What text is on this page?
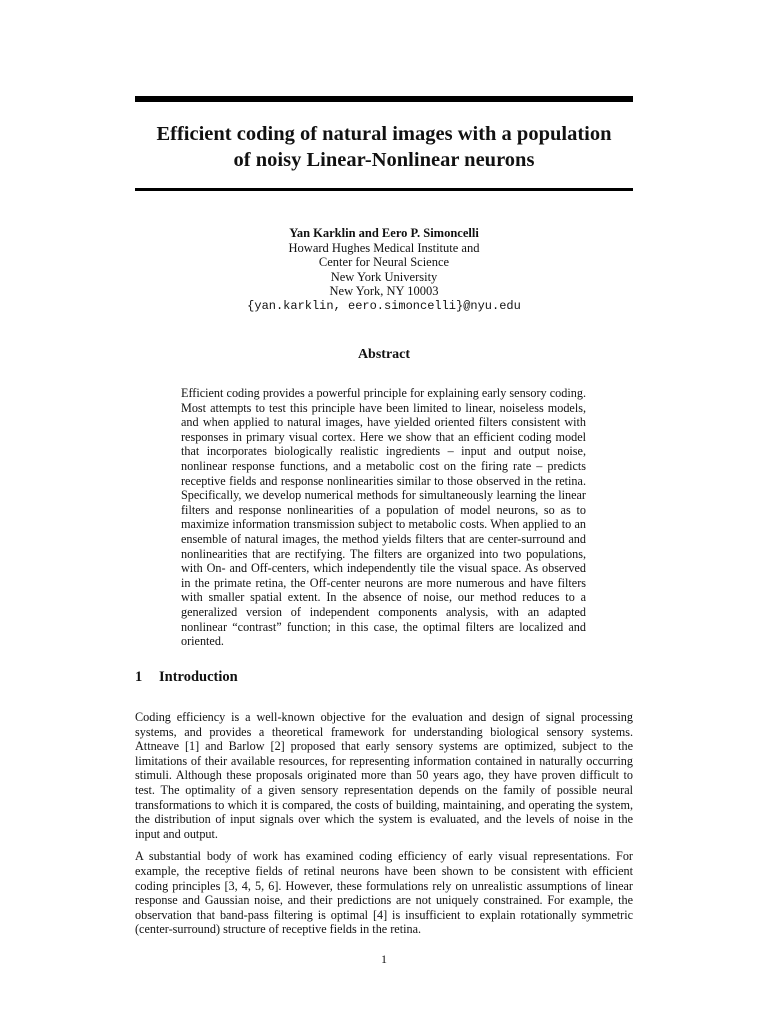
Efficient coding of natural images with a population
of noisy Linear-Nonlinear neurons
Yan Karklin and Eero P. Simoncelli
Howard Hughes Medical Institute and
Center for Neural Science
New York University
New York, NY 10003
{yan.karklin, eero.simoncelli}@nyu.edu
Abstract
Efficient coding provides a powerful principle for explaining early sensory coding. Most attempts to test this principle have been limited to linear, noiseless models, and when applied to natural images, have yielded oriented filters consistent with responses in primary visual cortex. Here we show that an efficient coding model that incorporates biologically realistic ingredients – input and output noise, nonlinear response functions, and a metabolic cost on the firing rate – predicts receptive fields and response nonlinearities similar to those observed in the retina. Specifically, we develop numerical methods for simultaneously learning the linear filters and response nonlinearities of a population of model neurons, so as to maximize information transmission subject to metabolic costs. When applied to an ensemble of natural images, the method yields filters that are center-surround and nonlinearities that are rectifying. The filters are organized into two populations, with On- and Off-centers, which independently tile the visual space. As observed in the primate retina, the Off-center neurons are more numerous and have filters with smaller spatial extent. In the absence of noise, our method reduces to a generalized version of independent components analysis, with an adapted nonlinear “contrast” function; in this case, the optimal filters are localized and oriented.
1 Introduction

Coding efficiency is a well-known objective for the evaluation and design of signal processing systems, and provides a theoretical framework for understanding biological sensory systems. Attneave [1] and Barlow [2] proposed that early sensory systems are optimized, subject to the limitations of their available resources, for representing information contained in naturally occurring stimuli. Although these proposals originated more than 50 years ago, they have proven difficult to test. The optimality of a given sensory representation depends on the family of possible neural transformations to which it is compared, the costs of building, maintaining, and operating the system, the distribution of input signals over which the system is evaluated, and the levels of noise in the input and output.

A substantial body of work has examined coding efficiency of early visual representations. For example, the receptive fields of retinal neurons have been shown to be consistent with efficient coding principles [3, 4, 5, 6]. However, these formulations rely on unrealistic assumptions of linear response and Gaussian noise, and their predictions are not uniquely constrained. For example, the observation that band-pass filtering is optimal [4] is insufficient to explain rotationally symmetric (center-surround) structure of receptive fields in the retina.

1
